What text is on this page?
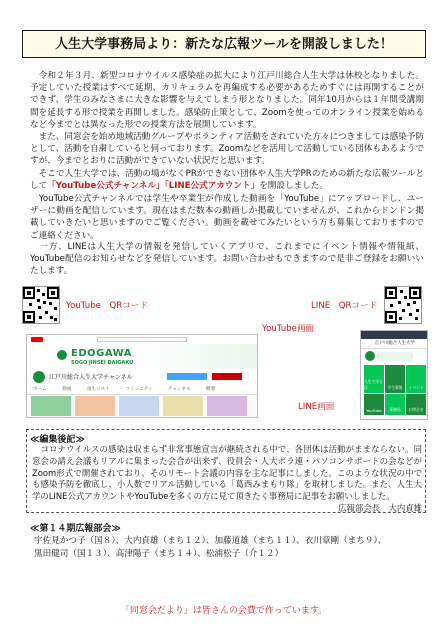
人生大学事務局より：新たな広報ツールを開設しました！

　令和２年３月、新型コロナウイルス感染症の拡大により江戸川総合人生大学は休校となりました。予定していた授業はすべて延期、カリキュラムを再編成する必要があるためすぐには再開することができず、学生のみなさまに大きな影響を与えてしまう形となりました。同年10月からは１年間受講期間を延長する形で授業を再開しました。感染防止策として、Zoomを使ってのオンライン授業を始めるなど今までとは異なった形での授業方法を展開しています。

　また、同窓会を始め地域活動グループやボランティア活動をされていた方々につきましては感染予防として、活動を自粛していると伺っております。Zoomなどを活用して活動している団体もあるようですが、今までとおりに活動ができていない状況だと思います。

　そこで人生大学では、活動の場がなくPRができない団体や人生大学PRのための新たな広報ツールとして「YouTube公式チャンネル」「LINE公式アカウント」を開設しました。

　YouTube公式チャンネルでは学生や卒業生が作成した動画を「YouTube」にアップロードし、ユーザーに動画を配信しています。現在はまだ数本の動画しか掲載していませんが、これからドンドン掲載していきたいと思いますのでご覧ください。動画を載せてみたいという方も募集しておりますのでご連絡ください。

　一方、LINEは人生大学の情報を発信していくアプリで、これまでにイベント情報や情報紙、YouTube配信のお知らせなどを発信しています。お問い合わせもできますので是非ご登録をお願いいたします。

YouTube　QRコード	LINE　QRコード
EDOGAWA
SOGO JINSEI DAIGAKU
江戸川総合人生大学チャンネル
ホーム	動画	再生リスト	コミュニティ	チャンネル	概要
YouTube画面
江戸川総合人生大学
人生大学とは	学生募集	イベント
YouTube	事務局	お問合せ
LINE画面
≪編集後記≫
　コロナウイルスの感染は収まらず非常事態宣言が継続される中で、各団体は活動がままならない。同窓会の請え会議もリアルに集まった会合が出来ず、役員会・人大ポラ連・パソコンサポートの会などがZoom形式で開催されており、そのリモート会議の内容を主な記事にしました。このような状況の中でも感染予防を徹底し、小人数でリアル活動している「葛西みまもり隊」を取材しました。また、人生大学のLINE公式アカウントやYouTubeを多くの方に見て頂きたく事務局に記事をお願いしました。
広報部会長　大内貞雄
≪第１４期広報部会≫
宇佐見かつ子（国８）、大内貞雄（まち１２）、加藤道雄（まち１１）、衣川章剛（まち９）、
黒田健司（国１３）、高津陽子（まち１４）、松浦松子（介１２）
「同窓会だより」は皆さんの会費で作っています。
